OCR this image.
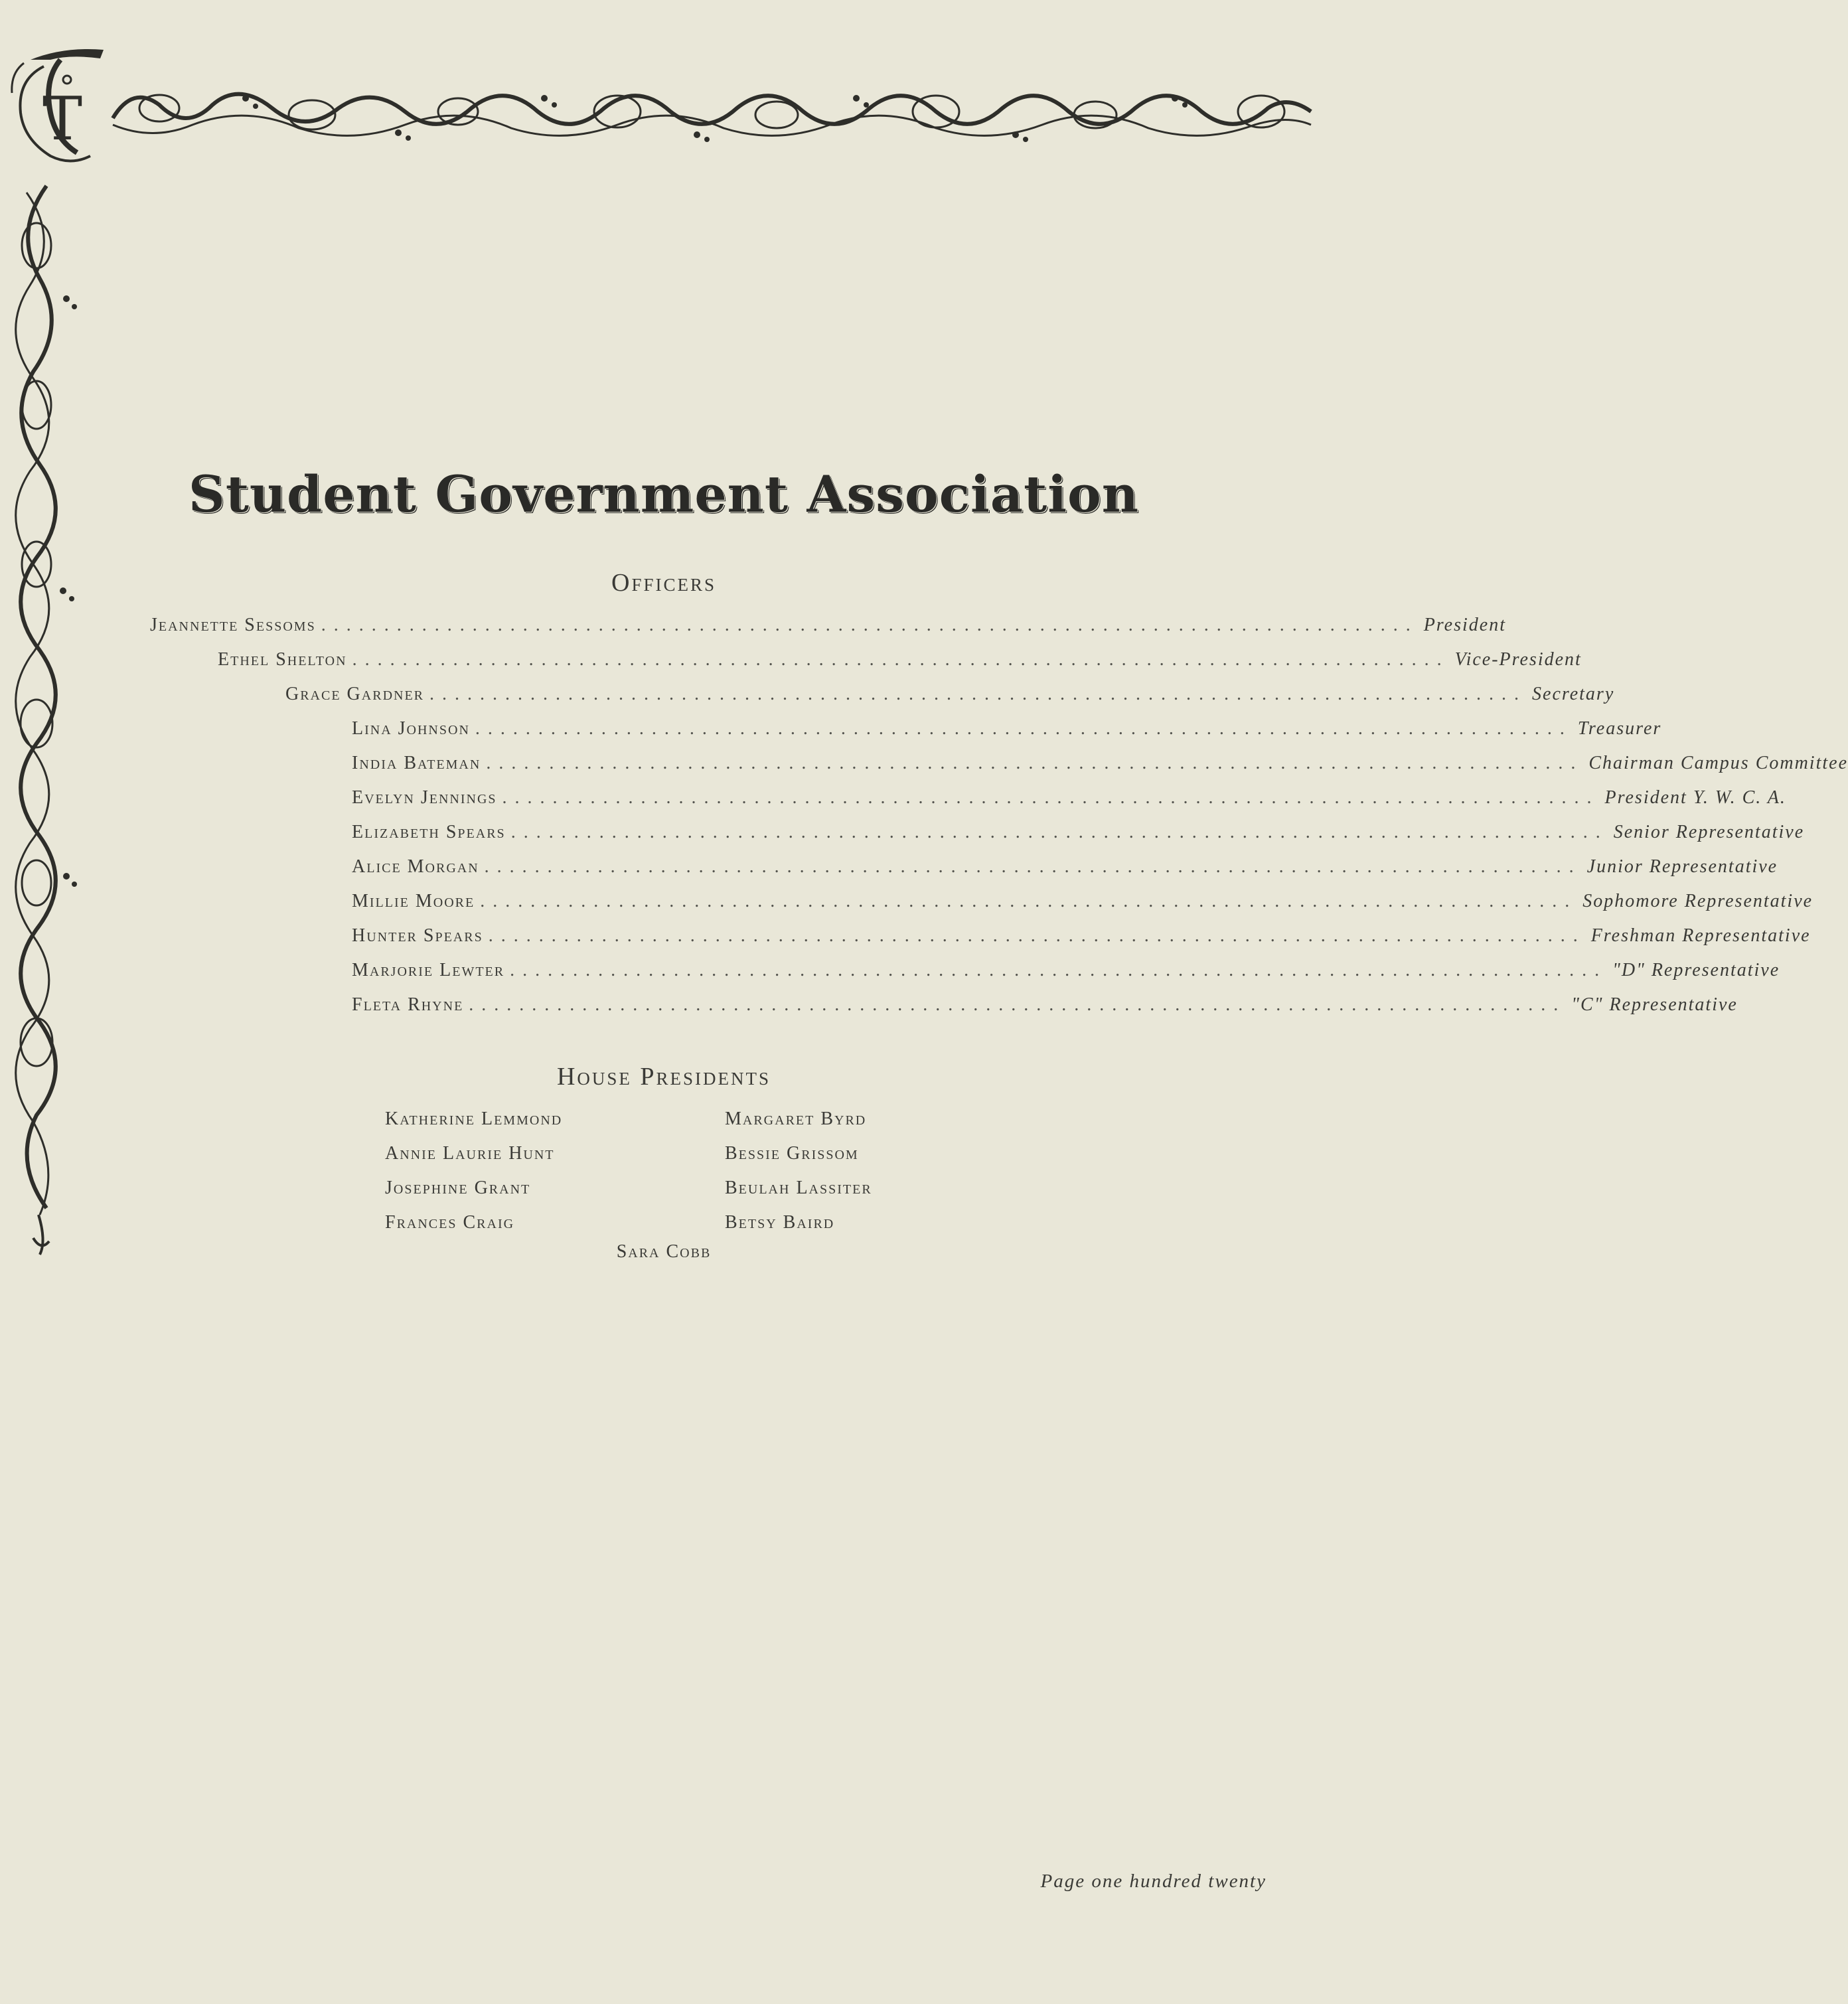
T
Student Government Association
Officers
Jeannette Sessoms ....................................................................................... President
Ethel Shelton ....................................................................................... Vice-President
Grace Gardner ....................................................................................... Secretary
Lina Johnson ....................................................................................... Treasurer
India Bateman ....................................................................................... Chairman Campus Committee
Evelyn Jennings ....................................................................................... President Y. W. C. A.
Elizabeth Spears ....................................................................................... Senior Representative
Alice Morgan ....................................................................................... Junior Representative
Millie Moore ....................................................................................... Sophomore Representative
Hunter Spears ....................................................................................... Freshman Representative
Marjorie Lewter ....................................................................................... "D" Representative
Fleta Rhyne ....................................................................................... "C" Representative
House Presidents
Katherine Lemmond
Annie Laurie Hunt
Josephine Grant
Frances Craig
Margaret Byrd
Bessie Grissom
Beulah Lassiter
Betsy Baird
Sara Cobb
Page one hundred twenty
